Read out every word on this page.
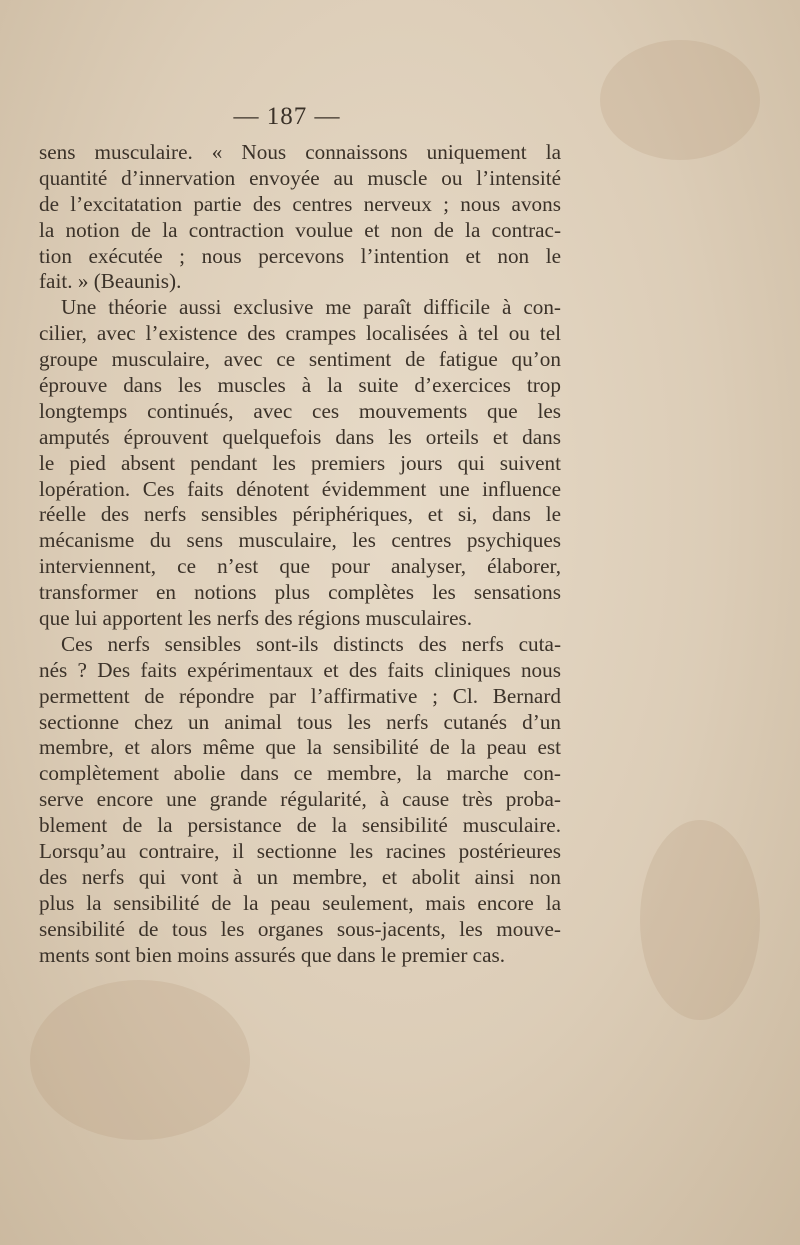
— 187 —
sens musculaire. « Nous connaissons uniquement la
quantité d’innervation envoyée au muscle ou l’intensité
de l’excitatation partie des centres nerveux ; nous avons
la notion de la contraction voulue et non de la contrac-
tion exécutée ; nous percevons l’intention et non le
fait. » (Beaunis).
Une théorie aussi exclusive me paraît difficile à con-
cilier, avec l’existence des crampes localisées à tel ou tel
groupe musculaire, avec ce sentiment de fatigue qu’on
éprouve dans les muscles à la suite d’exercices trop
longtemps continués, avec ces mouvements que les
amputés éprouvent quelquefois dans les orteils et dans
le pied absent pendant les premiers jours qui suivent
lopération. Ces faits dénotent évidemment une influence
réelle des nerfs sensibles périphériques, et si, dans le
mécanisme du sens musculaire, les centres psychiques
interviennent, ce n’est que pour analyser, élaborer,
transformer en notions plus complètes les sensations
que lui apportent les nerfs des régions musculaires.
Ces nerfs sensibles sont-ils distincts des nerfs cuta-
nés ? Des faits expérimentaux et des faits cliniques nous
permettent de répondre par l’affirmative ; Cl. Bernard
sectionne chez un animal tous les nerfs cutanés d’un
membre, et alors même que la sensibilité de la peau est
complètement abolie dans ce membre, la marche con-
serve encore une grande régularité, à cause très proba-
blement de la persistance de la sensibilité musculaire.
Lorsqu’au contraire, il sectionne les racines postérieures
des nerfs qui vont à un membre, et abolit ainsi non
plus la sensibilité de la peau seulement, mais encore la
sensibilité de tous les organes sous-jacents, les mouve-
ments sont bien moins assurés que dans le premier cas.
